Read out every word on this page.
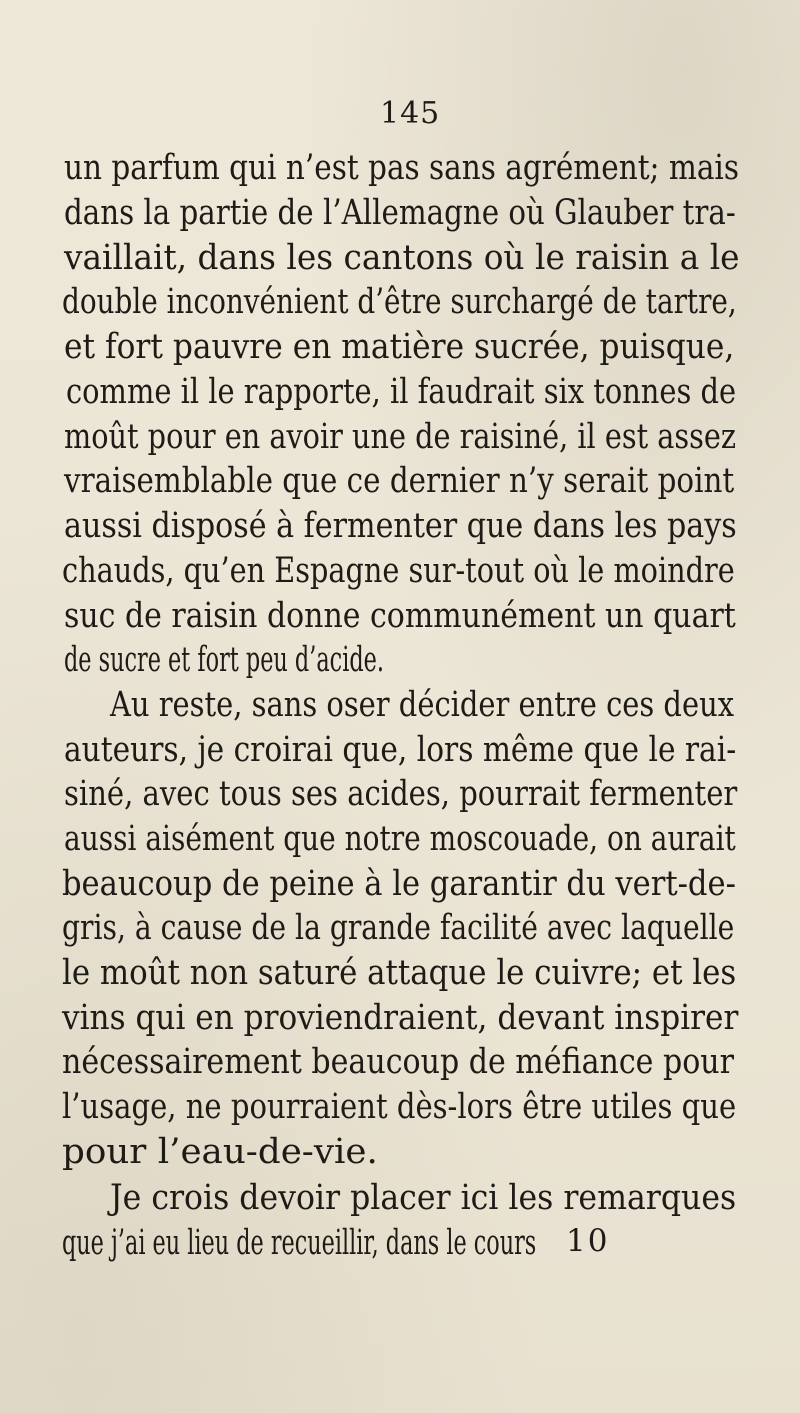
145
un parfum qui n’est pas sans agrément; mais
dans la partie de l’Allemagne où Glauber tra-
vaillait, dans les cantons où le raisin a le
double inconvénient d’être surchargé de tartre,
et fort pauvre en matière sucrée, puisque,
comme il le rapporte, il faudrait six tonnes de
moût pour en avoir une de raisiné, il est assez
vraisemblable que ce dernier n’y serait point
aussi disposé à fermenter que dans les pays
chauds, qu’en Espagne sur-tout où le moindre
suc de raisin donne communément un quart
de sucre et fort peu d’acide.
Au reste, sans oser décider entre ces deux
auteurs, je croirai que, lors même que le rai-
siné, avec tous ses acides, pourrait fermenter
aussi aisément que notre moscouade, on aurait
beaucoup de peine à le garantir du vert-de-
gris, à cause de la grande facilité avec laquelle
le moût non saturé attaque le cuivre; et les
vins qui en proviendraient, devant inspirer
nécessairement beaucoup de méfiance pour
l’usage, ne pourraient dès-lors être utiles que
pour l’eau-de-vie.
Je crois devoir placer ici les remarques
que j’ai eu lieu de recueillir, dans le cours 10
